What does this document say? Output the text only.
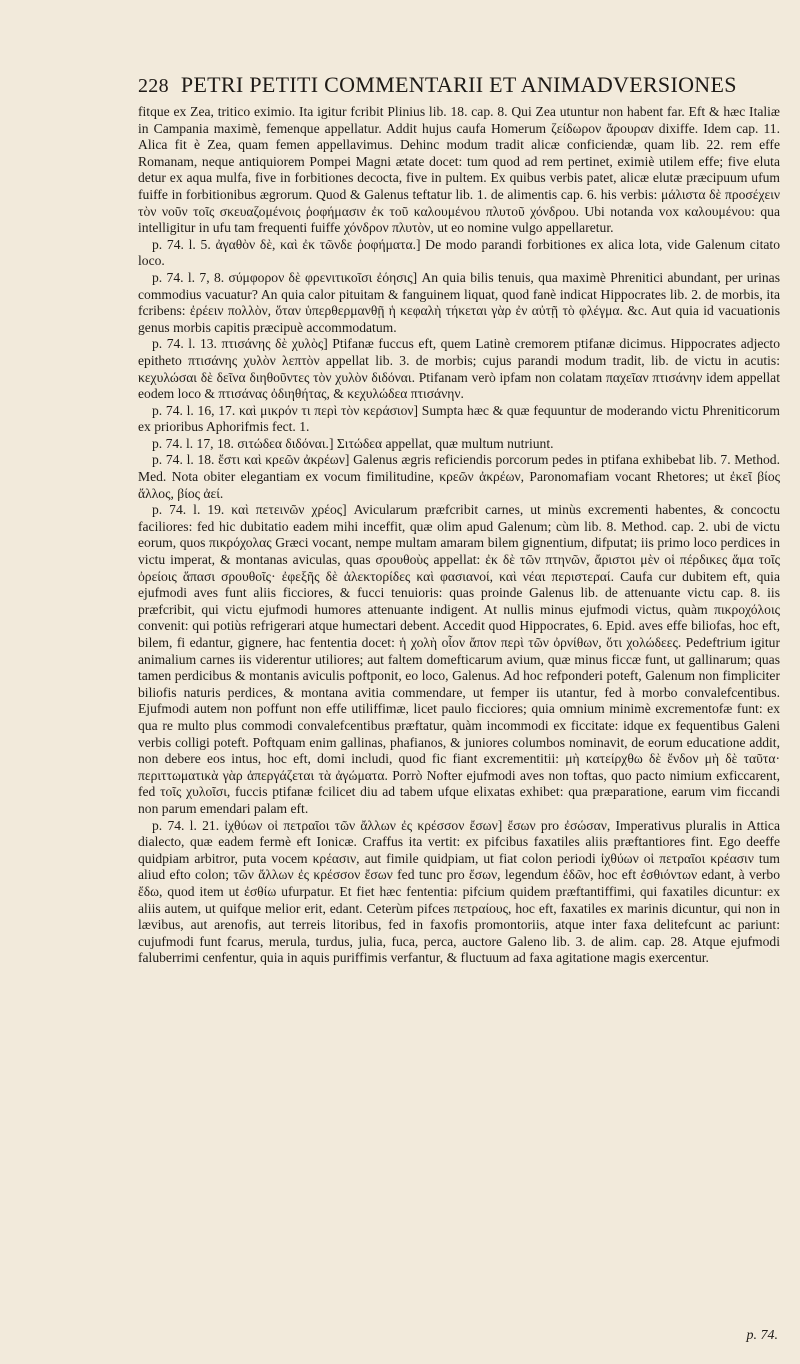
228 PETRI PETITI COMMENTARII ET ANIMADVERSIONES

fitque ex Zea, tritico eximio. Ita igitur fcribit Plinius lib. 18. cap. 8. Qui Zea utuntur non habent far. Eft & hæc Italiæ in Campania maximè, femenque appellatur. Addit hujus caufa Homerum ζείδωρον ἄρουραν dixiffe. Idem cap. 11. Alica fit è Zea, quam femen appellavimus. Dehinc modum tradit alicæ conficiendæ, quam lib. 22. rem effe Romanam, neque antiquiorem Pompei Magni ætate docet: tum quod ad rem pertinet, eximiè utilem effe; five eluta detur ex aqua mulfa, five in forbitiones decocta, five in pultem. Ex quibus verbis patet, alicæ elutæ præcipuum ufum fuiffe in forbitionibus ægrorum. Quod & Galenus teftatur lib. 1. de alimentis cap. 6. his verbis: μάλιστα δὲ προσέχειν τὸν νοῦν τοῖς σκευαζομένοις ῥοφήμασιν ἐκ τοῦ καλουμένου πλυτοῦ χόνδρου. Ubi notanda vox καλουμένου: qua intelligitur in ufu tam frequenti fuiffe χόνδρον πλυτὸν, ut eo nomine vulgo appellaretur.

p. 74. l. 5. ἀγαθὸν δὲ, καὶ ἐκ τῶνδε ῥοφήματα.] De modo parandi forbitiones ex alica lota, vide Galenum citato loco.

p. 74. l. 7, 8. σύμφορον δὲ φρενιτικοῖσι ἐόησις] An quia bilis tenuis, qua maximè Phrenitici abundant, per urinas commodius vacuatur? An quia calor pituitam & fanguinem liquat, quod fanè indicat Hippocrates lib. 2. de morbis, ita fcribens: ἐρέειν πολλὸν, ὅταν ὑπερθερμανθῇ ἡ κεφαλὴ τήκεται γὰρ ἐν αὐτῇ τὸ φλέγμα. &c. Aut quia id vacuationis genus morbis capitis præcipuè accommodatum.

p. 74. l. 13. πτισάνης δὲ χυλὸς] Ptifanæ fuccus eft, quem Latinè cremorem ptifanæ dicimus. Hippocrates adjecto epitheto πτισάνης χυλὸν λεπτὸν appellat lib. 3. de morbis; cujus parandi modum tradit, lib. de victu in acutis: κεχυλώσαι δὲ δεῖνα διηθοῦντες τὸν χυλὸν διδόναι. Ptifanam verò ipfam non colatam παχεῖαν πτισάνην idem appellat eodem loco & πτισάνας ὀδιηθήτας, & κεχυλώδεα πτισάνην.

p. 74. l. 16, 17. καὶ μικρόν τι περὶ τὸν κεράσιον] Sumpta hæc & quæ fequuntur de moderando victu Phreniticorum ex prioribus Aphorifmis fect. 1.

p. 74. l. 17, 18. σιτώδεα διδόναι.] Σιτώδεα appellat, quæ multum nutriunt.

p. 74. l. 18. ἔστι καὶ κρεῶν ἀκρέων] Galenus ægris reficiendis porcorum pedes in ptifana exhibebat lib. 7. Method. Med. Nota obiter elegantiam ex vocum fimilitudine, κρεῶν ἀκρέων, Paronomafiam vocant Rhetores; ut ἐκεῖ βίος ἄλλος, βίος ἀεί.

p. 74. l. 19. καὶ πετεινῶν χρέος] Avicularum præfcribit carnes, ut minùs excrementi habentes, & concoctu faciliores: fed hic dubitatio eadem mihi inceffit, quæ olim apud Galenum; cùm lib. 8. Method. cap. 2. ubi de victu eorum, quos πικρόχολας Græci vocant, nempe multam amaram bilem gignentium, difputat; iis primo loco perdices in victu imperat, & montanas aviculas, quas σρουθοὺς appellat: ἐκ δὲ τῶν πτηνῶν, ἄριστοι μὲν οἱ πέρδικες ἅμα τοῖς ὀρείοις ἅπασι σρουθοῖς· ἐφεξῆς δὲ ἀλεκτορίδες καὶ φασιανοί, καὶ νέαι περιστεραί. Caufa cur dubitem eft, quia ejufmodi aves funt aliis ficciores, & fucci tenuioris: quas proinde Galenus lib. de attenuante victu cap. 8. iis præfcribit, qui victu ejufmodi humores attenuante indigent. At nullis minus ejufmodi victus, quàm πικροχόλοις convenit: qui potiùs refrigerari atque humectari debent. Accedit quod Hippocrates, 6. Epid. aves effe biliofas, hoc eft, bilem, fi edantur, gignere, hac fententia docet: ἡ χολὴ οἷον ἄπον περὶ τῶν ὀρνίθων, ὅτι χολώδεες. Pedeftrium igitur animalium carnes iis viderentur utiliores; aut faltem domefticarum avium, quæ minus ficcæ funt, ut gallinarum; quas tamen perdicibus & montanis aviculis poftponit, eo loco, Galenus. Ad hoc refponderi poteft, Galenum non fimpliciter biliofis naturis perdices, & montana avitia commendare, ut femper iis utantur, fed à morbo convalefcentibus. Ejufmodi autem non poffunt non effe utiliffimæ, licet paulo ficciores; quia omnium minimè excrementofæ funt: ex qua re multo plus commodi convalefcentibus præftatur, quàm incommodi ex ficcitate: idque ex fequentibus Galeni verbis colligi poteft. Poftquam enim gallinas, phafianos, & juniores columbos nominavit, de eorum educatione addit, non debere eos intus, hoc eft, domi includi, quod fic fiant excrementitii: μὴ κατείρχθω δὲ ἔνδον μὴ δὲ ταῦτα· περιττωματικὰ γὰρ ἀπεργάζεται τὰ ἀγώματα. Porrò Nofter ejufmodi aves non toftas, quo pacto nimium exficcarent, fed τοῖς χυλοῖσι, fuccis ptifanæ fcilicet diu ad tabem ufque elixatas exhibet: qua præparatione, earum vim ficcandi non parum emendari palam eft.

p. 74. l. 21. ἰχθύων οἱ πετραῖοι τῶν ἄλλων ἐς κρέσσον ἔσων] ἔσων pro ἐσώσαν, Imperativus pluralis in Attica dialecto, quæ eadem fermè eft Ionicæ. Craffus ita vertit: ex pifcibus faxatiles aliis præftantiores fint. Ego deeffe quidpiam arbitror, puta vocem κρέασιν, aut fimile quidpiam, ut fiat colon periodi ἰχθύων οἱ πετραῖοι κρέασιν tum aliud efto colon; τῶν ἄλλων ἐς κρέσσον ἔσων fed tunc pro ἔσων, legendum ἐδῶν, hoc eft ἐσθιόντων edant, à verbo ἔδω, quod item ut ἐσθίω ufurpatur. Et fiet hæc fententia: pifcium quidem præftantiffimi, qui faxatiles dicuntur: ex aliis autem, ut quifque melior erit, edant. Ceterùm pifces πετραίους, hoc eft, faxatiles ex marinis dicuntur, qui non in lævibus, aut arenofis, aut terreis litoribus, fed in faxofis promontoriis, atque inter faxa delitefcunt ac pariunt: cujufmodi funt fcarus, merula, turdus, julia, fuca, perca, auctore Galeno lib. 3. de alim. cap. 28. Atque ejufmodi faluberrimi cenfentur, quia in aquis puriffimis verfantur, & fluctuum ad faxa agitatione magis exercentur.

p. 74.
